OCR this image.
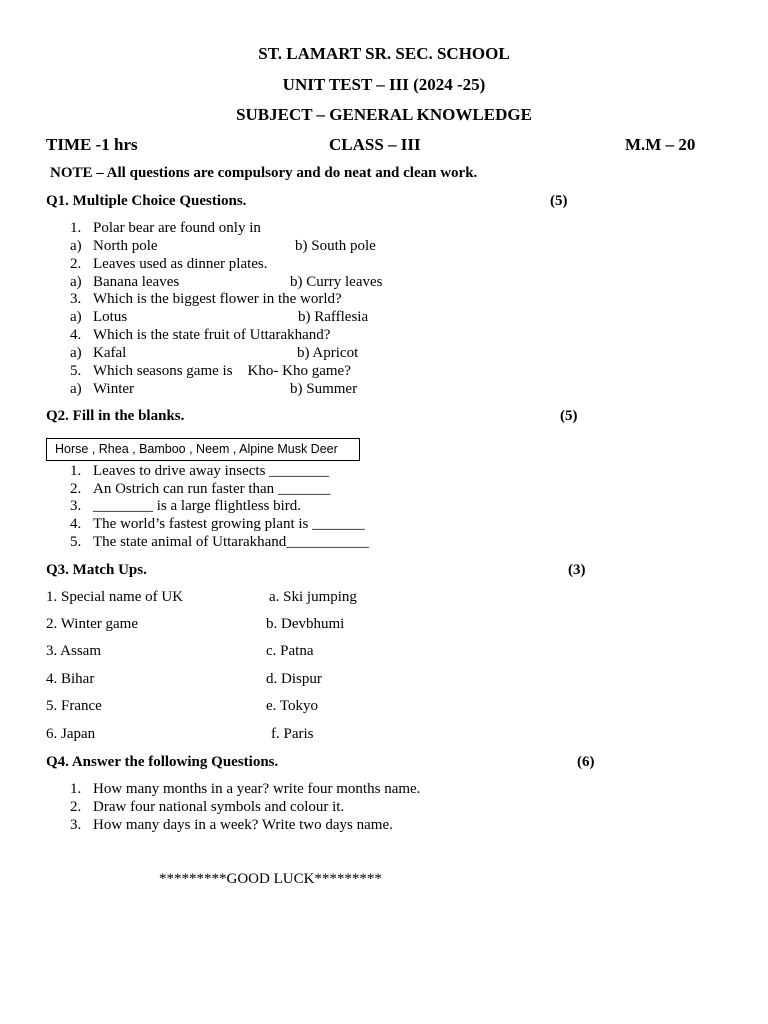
ST. LAMART SR. SEC. SCHOOL
UNIT TEST – III (2024 -25)
SUBJECT – GENERAL KNOWLEDGE
TIME -1 hrs	CLASS – III	M.M – 20
NOTE – All questions are compulsory and do neat and clean work.
Q1. Multiple Choice Questions.	(5)
1. Polar bear are found only in
a) North pole	b) South pole
2. Leaves used as dinner plates.
a) Banana leaves	b) Curry leaves
3. Which is the biggest flower in the world?
a) Lotus	b) Rafflesia
4. Which is the state fruit of Uttarakhand?
a) Kafal	b) Apricot
5. Which seasons game is    Kho- Kho game?
a) Winter	b) Summer
Q2. Fill in the blanks.	(5)
Horse , Rhea , Bamboo , Neem , Alpine Musk Deer
1. Leaves to drive away insects ________
2. An Ostrich can run faster than _______
3. ________ is a large flightless bird.
4. The world’s fastest growing plant is _______
5. The state animal of Uttarakhand___________
Q3. Match Ups.	(3)
1. Special name of UK	a. Ski jumping
2. Winter game	b. Devbhumi
3. Assam	c. Patna
4. Bihar	d. Dispur
5. France	e. Tokyo
6. Japan	f. Paris
Q4. Answer the following Questions.	(6)
1. How many months in a year? write four months name.
2. Draw four national symbols and colour it.
3. How many days in a week? Write two days name.
*********GOOD LUCK*********
